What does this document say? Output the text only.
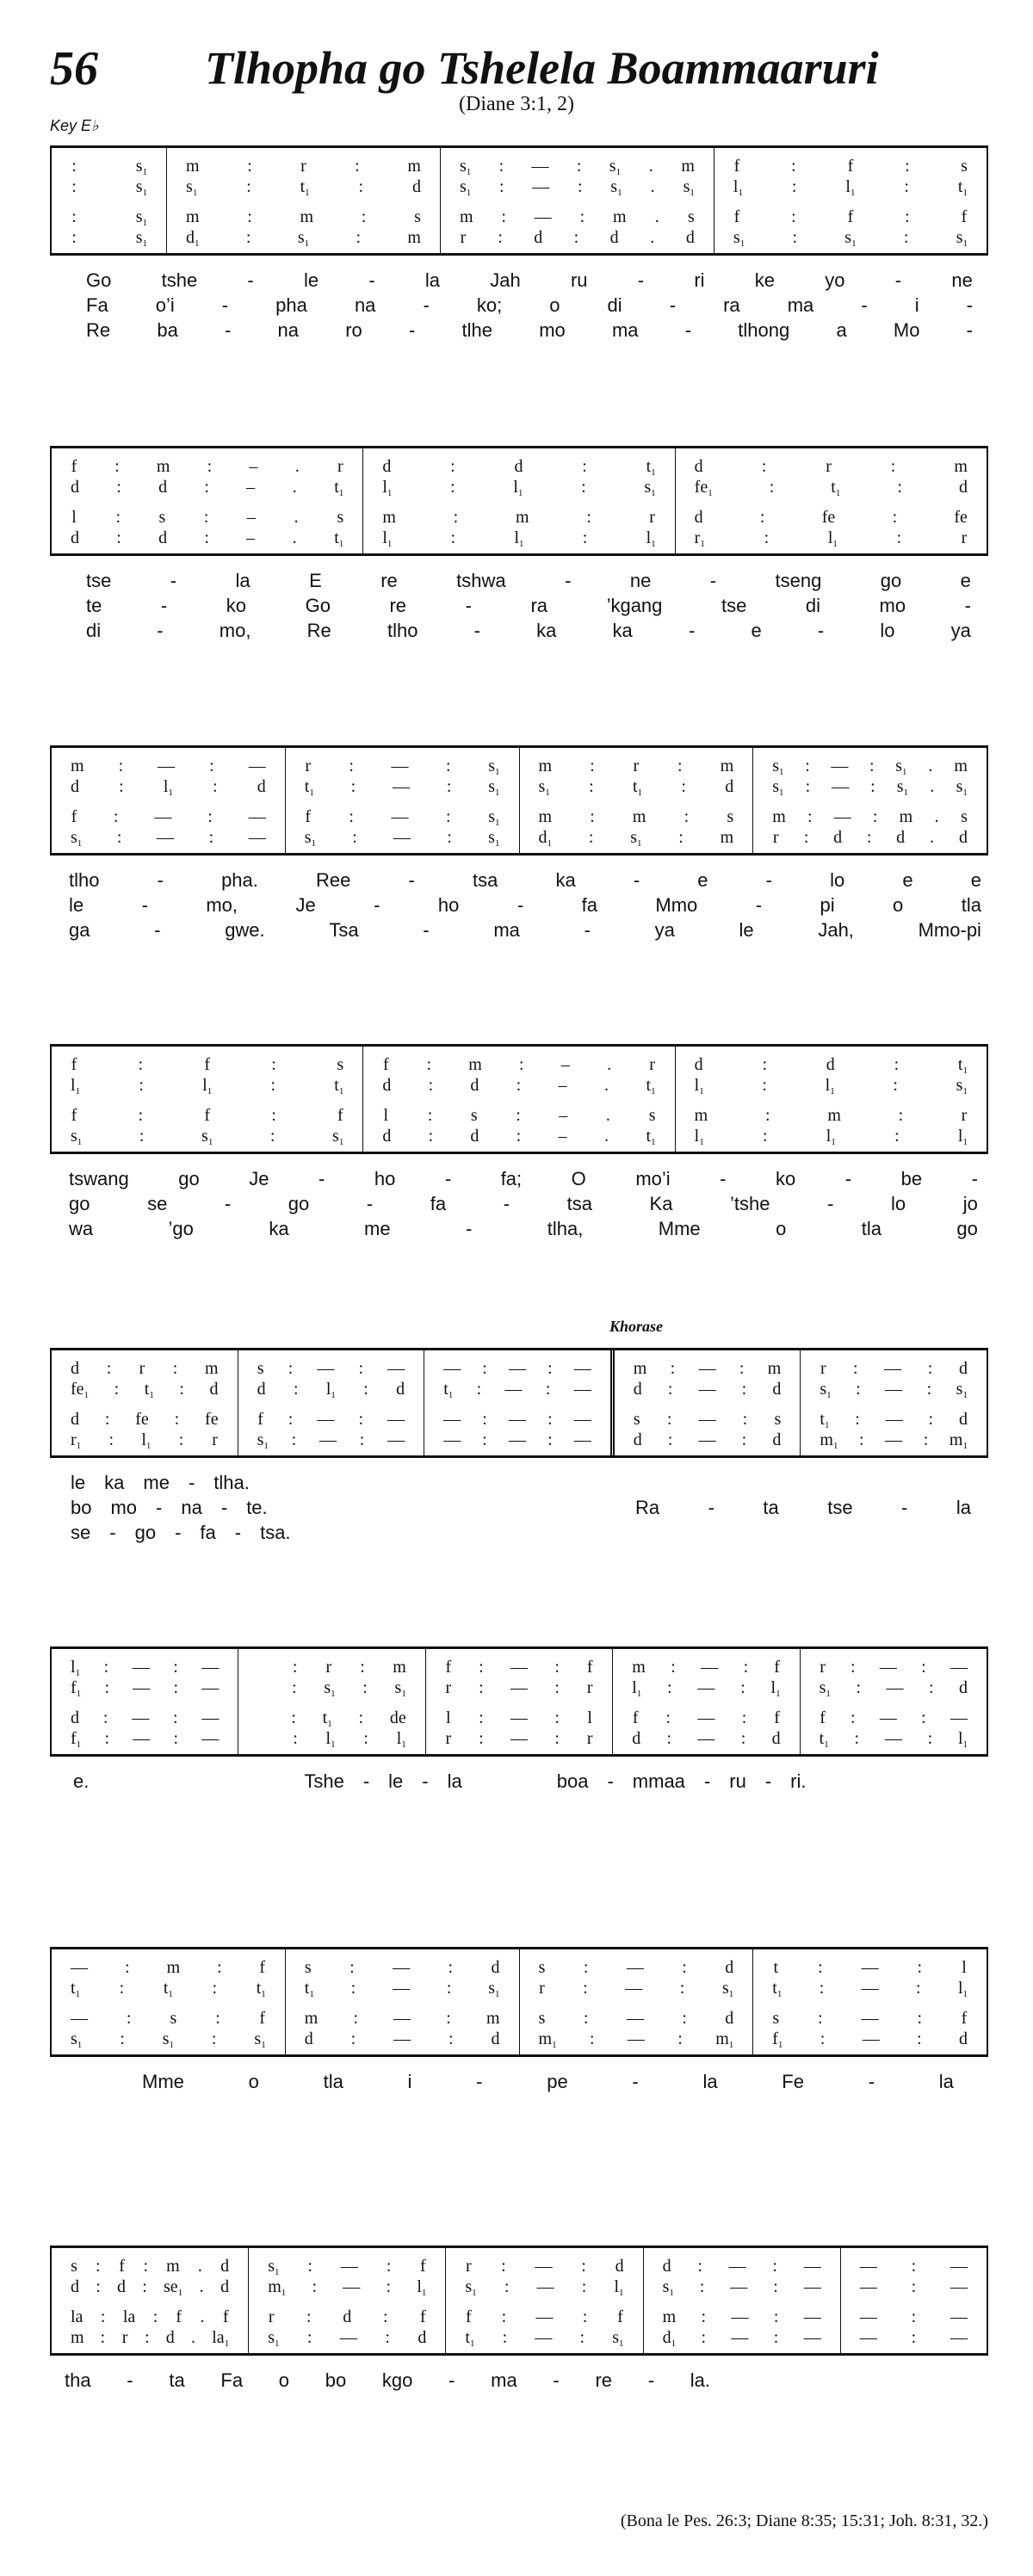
56 Tlhopha go Tshelela Boammaaruri
(Diane 3:1, 2)
Key E♭
Khorase
:	$s_1$
:	$s_1$
:	$s_1$
:	$s_1$
m	:	r	:	m
$s_1$	:	$t_1$	:	d
m	:	m	:	s
$d_1$	:	$s_1$	:	m
$s_1$ : — : $s_1$ . m
$s_1$ : — : $s_1$ . $s_1$
m : — : m . s
r : d : d . d
f	:	f	:	s
$l_1$	:	$l_1$	:	$t_1$
f	:	f	:	f
$s_1$	:	$s_1$	:	$s_1$
Go	tshe	-	le	-	la	Jah	ru	-	ri	ke	yo	-	ne
Fa	o’i	-	pha	na	-	ko;	o	di	-	ra	ma	-	i	-
Re ba - na ro - tlhe mo ma - tlhong a Mo -
f : m : – . r
d : d : – . $t_1$
l : s : – . s
d : d : – . $t_1$
d	:	d	:	$t_1$
$l_1$	:	$l_1$	:	$s_1$
m	:	m	:	r
$l_1$	:	$l_1$	:	$l_1$
d	:	r	:	m
$fe_1$	:	$t_1$	:	d
d	:	fe	:	fe
$r_1$	:	$l_1$	:	r
tse	-	la	E	re	tshwa	-	ne	-	tseng	go	e
te	-	ko	Go	re	-	ra	’kgang	tse	di	mo	-
di	-	mo,	Re	tlho	-	ka	ka	-	e	-	lo	ya
m : — : —
d : $l_1$ : d
f : — : —
$s_1$ : — : —
r : — : $s_1$
$t_1$ : — : $s_1$
f : — : $s_1$
$s_1$ : — : $s_1$
m : r : m
$s_1$ : $t_1$ : d
m : m : s
$d_1$ : $s_1$ : m
$s_1$ : — : $s_1$ . m
$s_1$ : — : $s_1$ . $s_1$
m : — : m . s
r : d : d . d
tlho	-	pha.	Ree	-	tsa	ka	-	e	-	lo	e	e
le	-	mo,	Je	-	ho	-	fa	Mmo	-	pi	o	tla
ga	-	gwe.	Tsa	-	ma	-	ya	le	Jah,	Mmo-pi
f	:	f	:	s
$l_1$	:	$l_1$	:	$t_1$
f	:	f	:	f
$s_1$	:	$s_1$	:	$s_1$
f : m : – . r
d : d : – . $t_1$
l : s : – . s
d : d : – . $t_1$
d	:	d	:	$t_1$
$l_1$	:	$l_1$	:	$s_1$
m	:	m	:	r
$l_1$	:	$l_1$	:	$l_1$
tswang	go	Je	-	ho	-	fa;	O	mo’i	-	ko	-	be	-
go	se	-	go	-	fa	-	tsa	Ka	’tshe	-	lo	jo
wa	’go	ka	me	-	tlha,	Mme	o	tla	go
d : r : m
$fe_1$ : $t_1$ : d
d : fe : fe
$r_1$ : $l_1$ : r
s : — : —
d : $l_1$ : d
f : — : —
$s_1$ : — : —
— : — : —
$t_1$ : — : —
— : — : —
— : — : —
m : — : m
d : — : d
s : — : s
d : — : d
r : — : d
$s_1$ : — : $s_1$
$t_1$ : — : d
$m_1$ : — : $m_1$
le ka me - tlha.
bo mo - na - te.	Ra	-	ta	tse	-	la
se - go - fa - tsa.
$l_1$ : — : —
$f_1$ : — : —
d : — : —
$f_1$ : — : —
: r : m
: $s_1$ : $s_1$
: $t_1$ : de
: $l_1$ : $l_1$
f : — : f
r : — : r
l : — : l
r : — : r
m : — : f
$l_1$ : — : $l_1$
f : — : f
d : — : d
r : — : —
$s_1$ : — : d
f : — : —
$t_1$ : — : $l_1$
e.	Tshe - le - la	boa - mmaa - ru - ri.
— : m : f
$t_1$ : $t_1$ : $t_1$
— : s : f
$s_1$ : $s_1$ : $s_1$
s : — : d
$t_1$ : — : $s_1$
m : — : m
d : — : d
s : — : d
r : — : $s_1$
s : — : d
$m_1$ : — : $m_1$
t : — : l
$t_1$ : — : $l_1$
s : — : f
$f_1$ : — : d
Mme	o	tla	i	-	pe	-	la	Fe	-	la
s : f : m . d
d : d : $se_1$ . d
la : la : f . f
m : r : d . $la_1$
$s_1$ : — : f
$m_1$ : — : $l_1$
r : d : f
$s_1$ : — : d
r : — : d
$s_1$ : — : $l_1$
f : — : f
$t_1$ : — : $s_1$
d : — : —
$s_1$ : — : —
m : — : —
$d_1$ : — : —
— : —
— : —
— : —
— : —
tha - ta Fa o bo kgo - ma - re - la.
(Bona le Pes. 26:3; Diane 8:35; 15:31; Joh. 8:31, 32.)
